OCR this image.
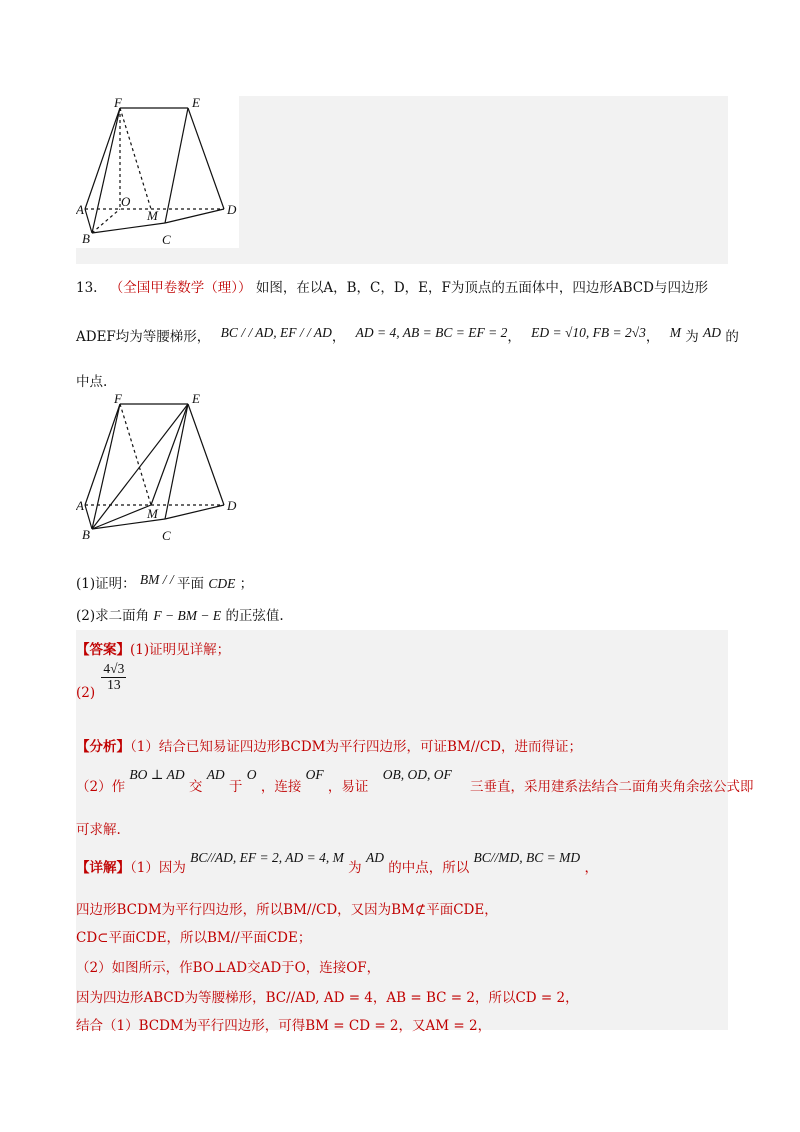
F	E
A
O
M	D
B	C
13. （全国甲卷数学（理）） 如图，在以A，B，C，D，E，F为顶点的五面体中，四边形ABCD与四边形
ADEF均为等腰梯形， BC / / AD, EF / / AD， AD = 4, AB = BC = EF = 2， ED = √10, FB = 2√3， M 为 AD 的
中点.
F	E
A
M
D
B	C
(1)证明： BM / / 平面 CDE ；
(2)求二面角 F − BM − E 的正弦值.
【答案】(1)证明见详解；
(2)
$\frac{4√3}{13}$
【分析】（1）结合已知易证四边形BCDM为平行四边形，可证BM//CD，进而得证；
（2）作 BO ⊥ AD 交 AD 于 O ，连接 OF ，易证 OB, OD, OF 三垂直，采用建系法结合二面角夹角余弦公式即
可求解.
【详解】（1）因为 BC//AD, EF = 2, AD = 4, M 为 AD 的中点，所以 BC//MD, BC = MD ，
四边形BCDM为平行四边形，所以BM//CD，又因为BM⊄平面CDE，
CD⊂平面CDE，所以BM//平面CDE；
（2）如图所示，作BO⊥AD交AD于O，连接OF，
因为四边形ABCD为等腰梯形，BC//AD, AD = 4，AB = BC = 2，所以CD = 2，
结合（1）BCDM为平行四边形，可得BM = CD = 2，又AM = 2，
